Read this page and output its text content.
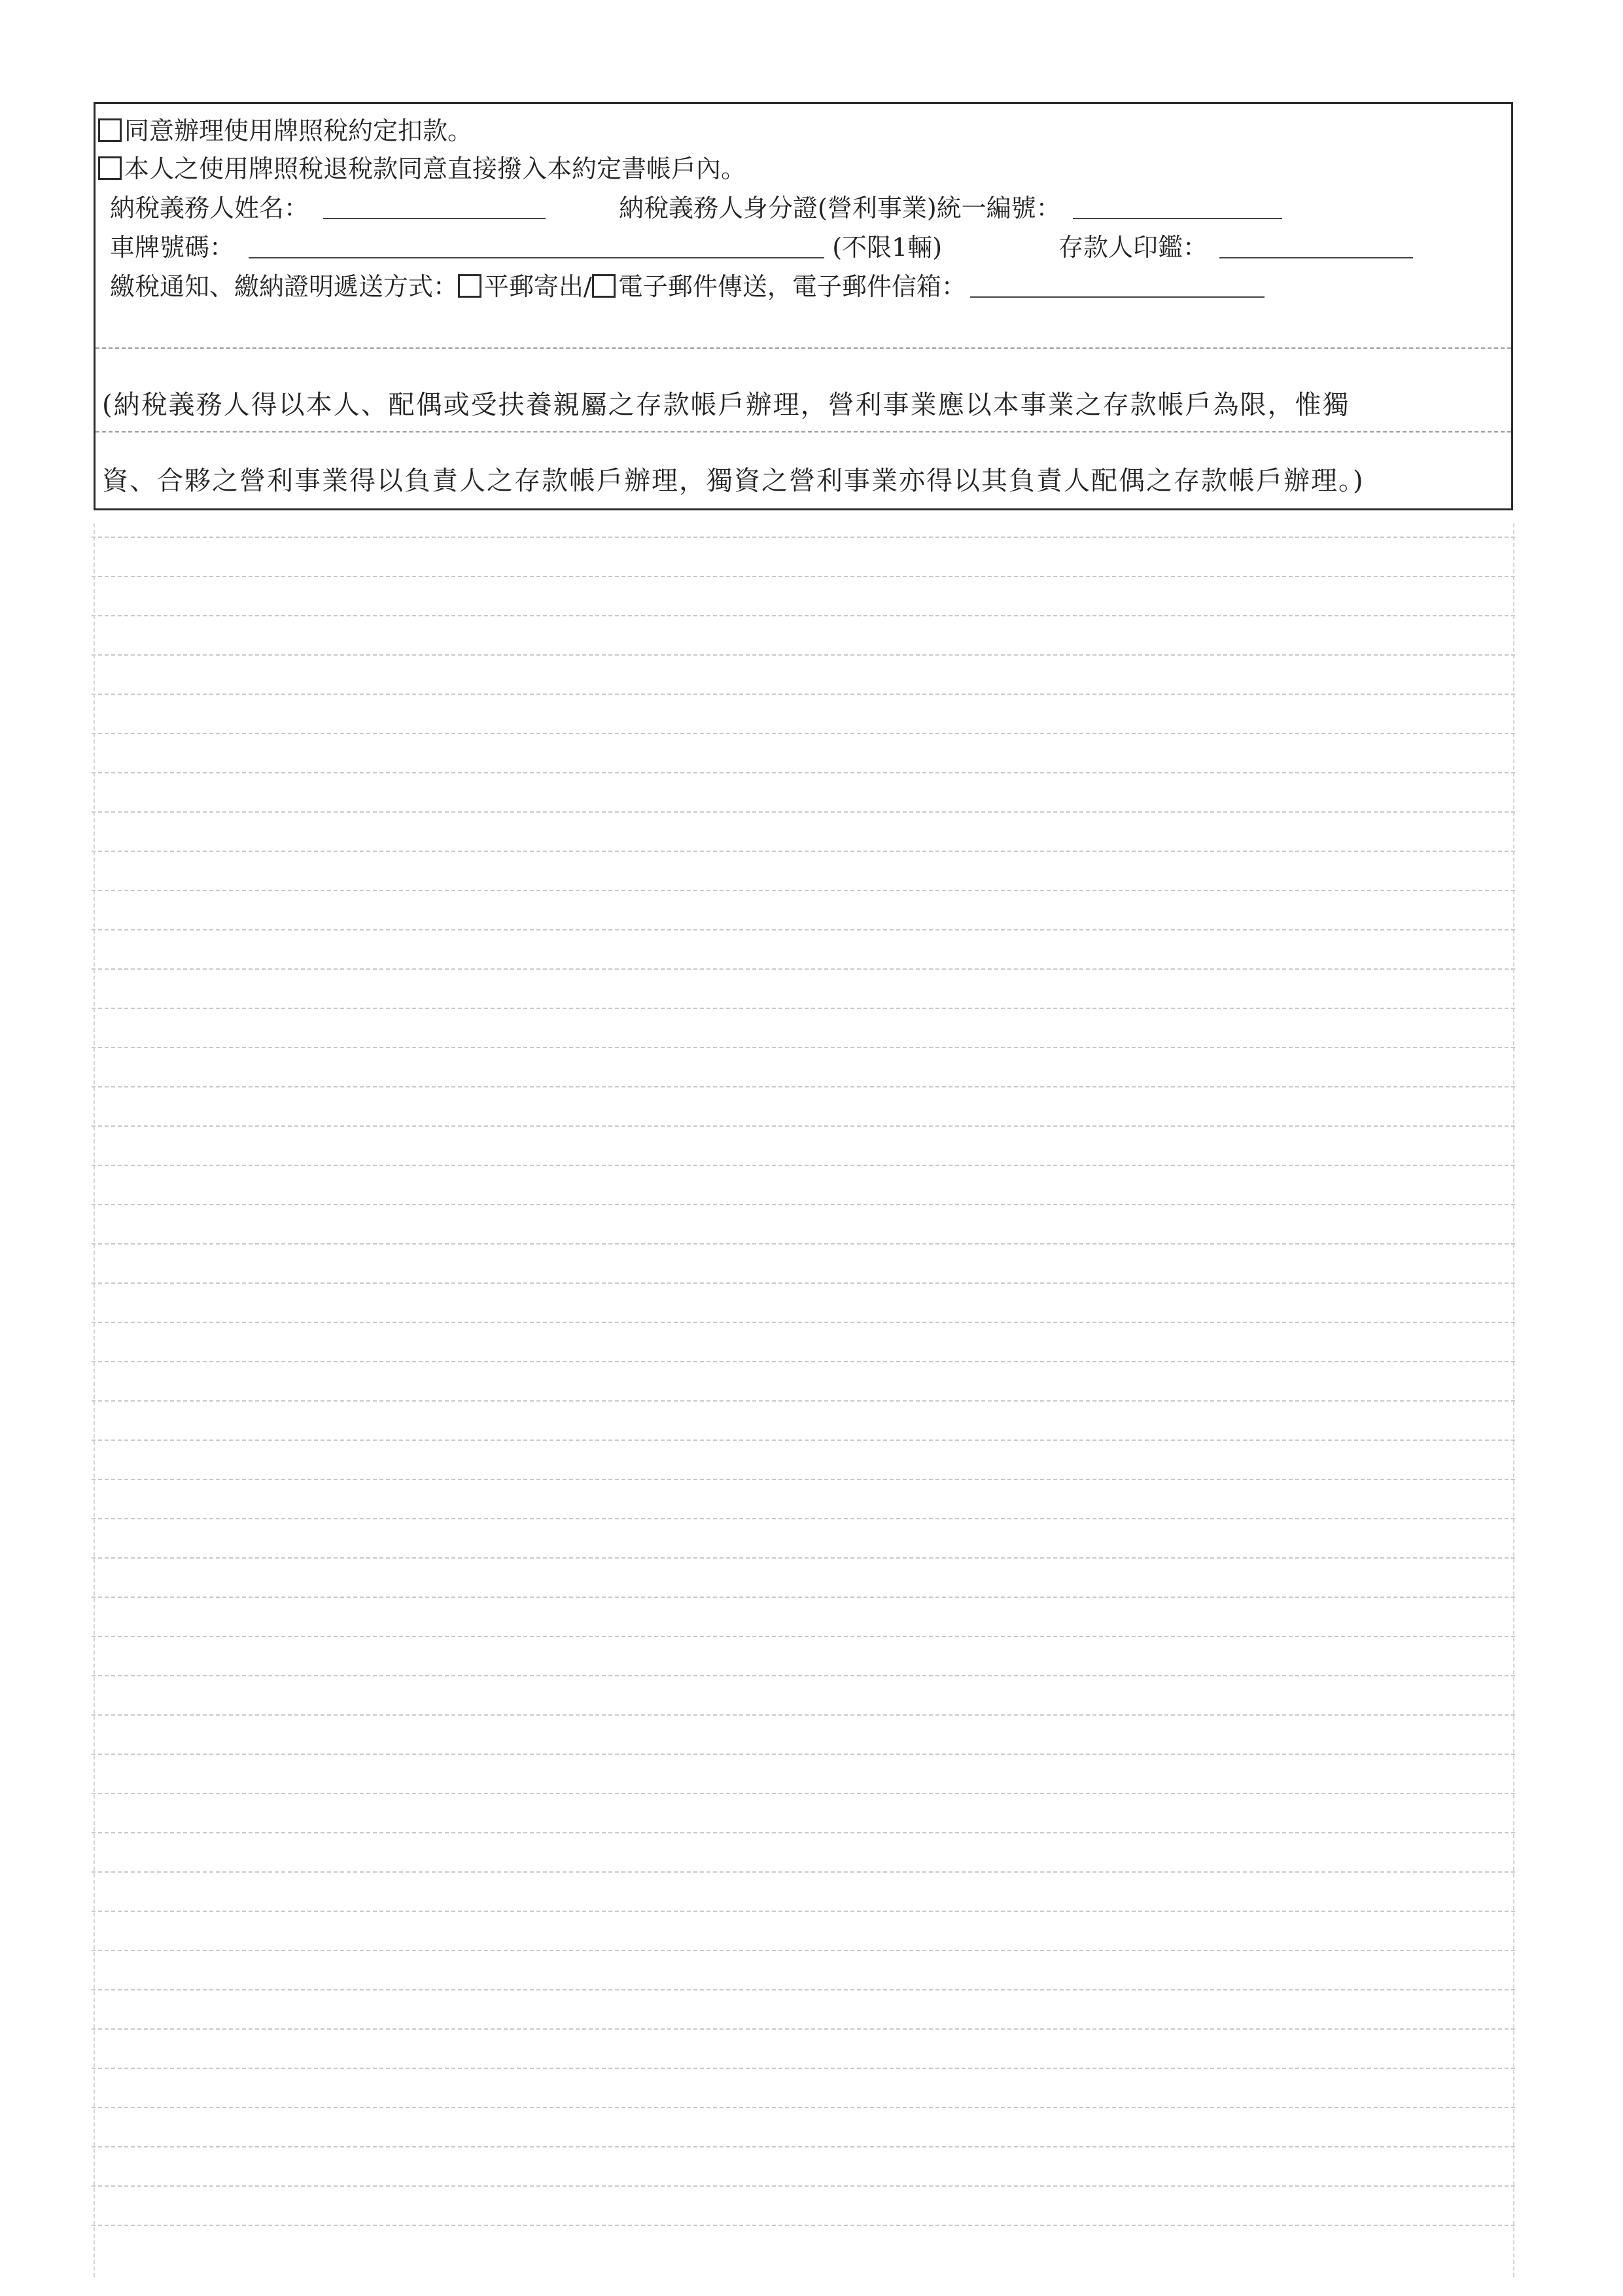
同意辦理使用牌照稅約定扣款。
本人之使用牌照稅退稅款同意直接撥入本約定書帳戶內。
納稅義務人姓名：	納稅義務人身分證(營利事業)統一編號：
車牌號碼：	(不限1輛)	存款人印鑑：
繳稅通知、繳納證明遞送方式： 平郵寄出/ 電子郵件傳送，電子郵件信箱：
(納稅義務人得以本人、配偶或受扶養親屬之存款帳戶辦理，營利事業應以本事業之存款帳戶為限，惟獨
資、合夥之營利事業得以負責人之存款帳戶辦理，獨資之營利事業亦得以其負責人配偶之存款帳戶辦理。)
